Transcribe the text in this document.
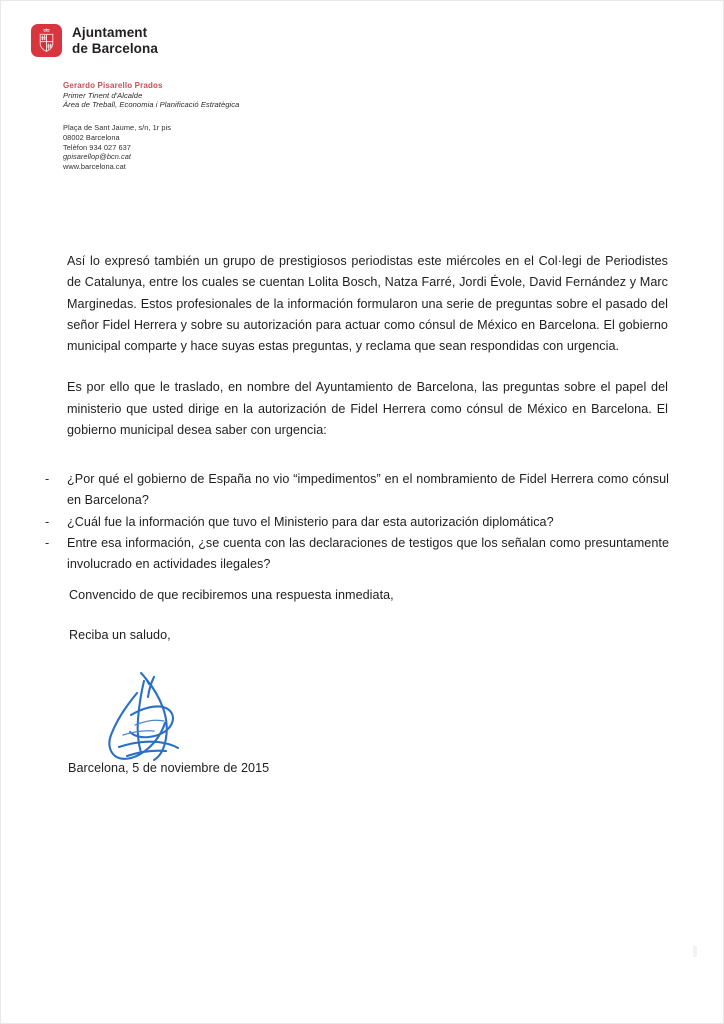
Ajuntament
de Barcelona
Gerardo Pisarello Prados
Primer Tinent d'Alcalde
Àrea de Treball, Economia i Planificació Estratègica
Plaça de Sant Jaume, s/n, 1r pis
08002 Barcelona
Telèfon 934 027 637
gpisarellop@bcn.cat
www.barcelona.cat

Así lo expresó también un grupo de prestigiosos periodistas este miércoles en el Col·legi de Periodistes de Catalunya, entre los cuales se cuentan Lolita Bosch, Natza Farré, Jordi Évole, David Fernández y Marc Marginedas. Estos profesionales de la información formularon una serie de preguntas sobre el pasado del señor Fidel Herrera y sobre su autorización para actuar como cónsul de México en Barcelona. El gobierno municipal comparte y hace suyas estas preguntas, y reclama que sean respondidas con urgencia.

Es por ello que le traslado, en nombre del Ayuntamiento de Barcelona, las preguntas sobre el papel del ministerio que usted dirige en la autorización de Fidel Herrera como cónsul de México en Barcelona. El gobierno municipal desea saber con urgencia:

-	¿Por qué el gobierno de España no vio “impedimentos” en el nombramiento de Fidel Herrera como cónsul en Barcelona?
-	¿Cuál fue la información que tuvo el Ministerio para dar esta autorización diplomática?
-	Entre esa información, ¿se cuenta con las declaraciones de testigos que los señalan como presuntamente involucrado en actividades ilegales?
Convencido de que recibiremos una respuesta inmediata,
Reciba un saludo,
Barcelona, 5 de noviembre de 2015
